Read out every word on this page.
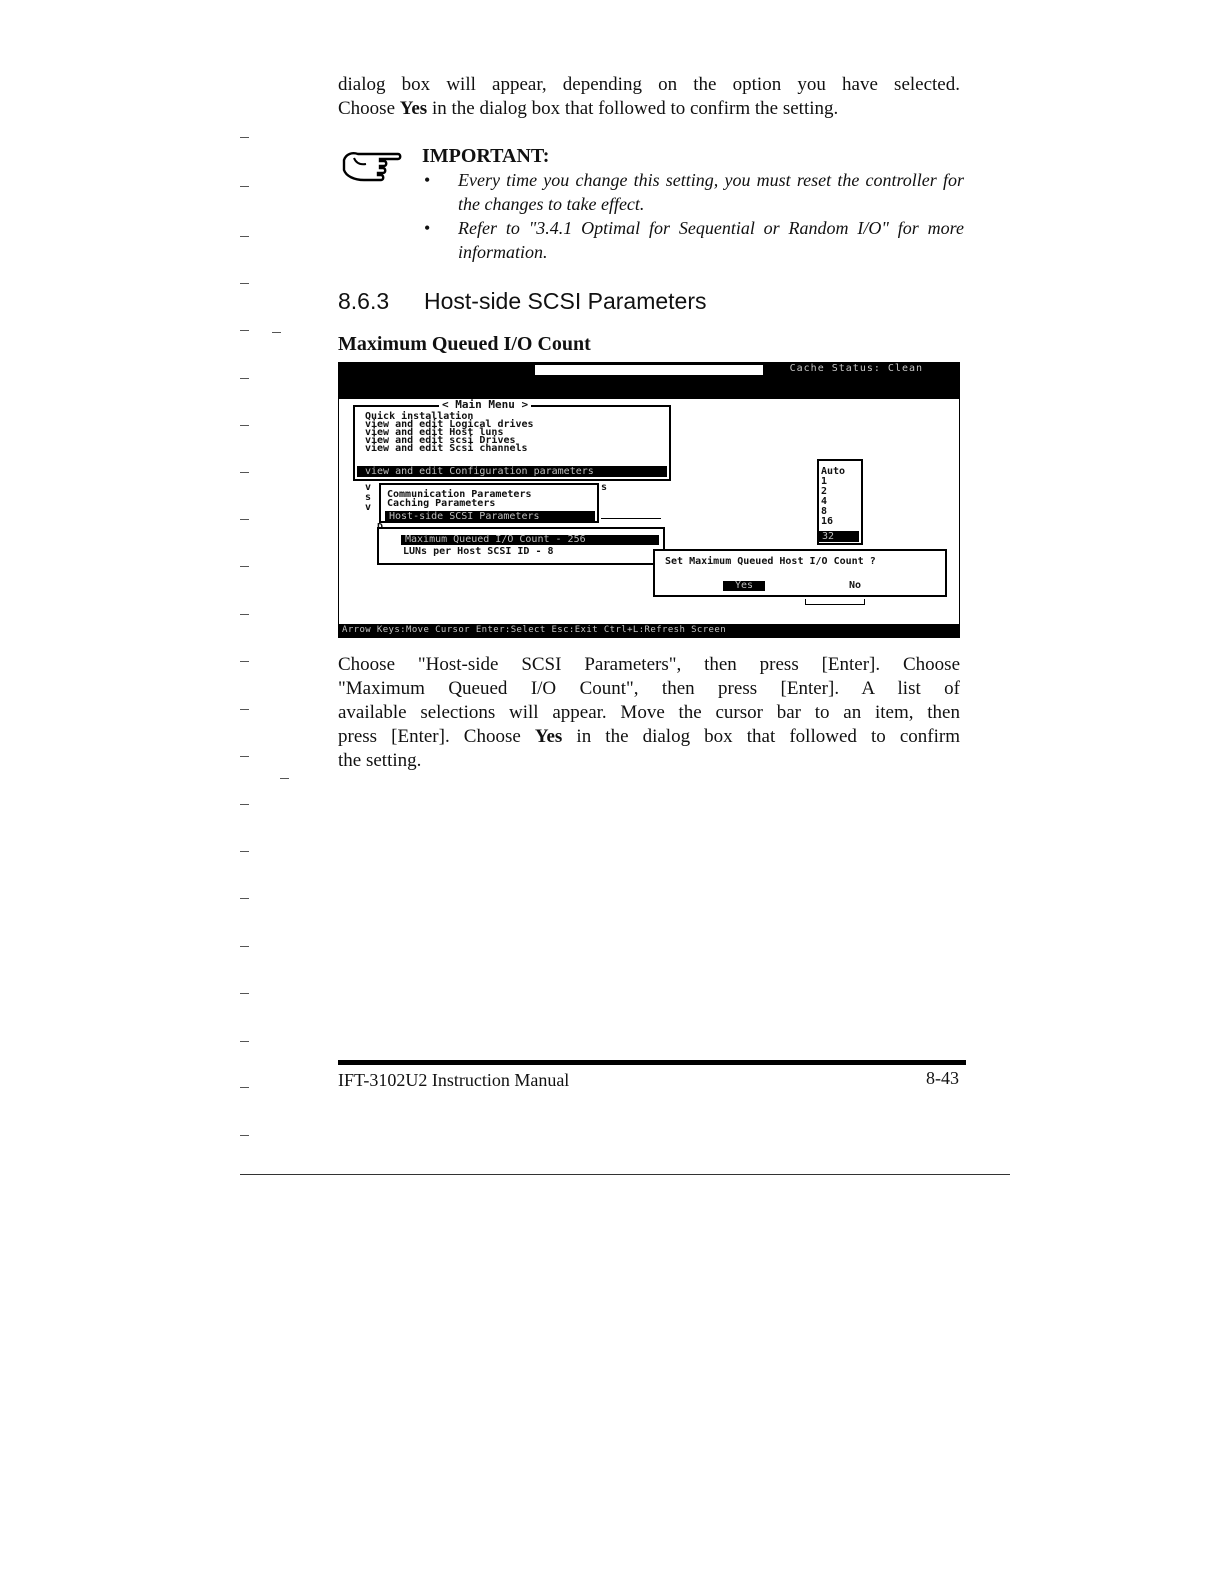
dialog box will appear, depending on the option you have selected.
Choose Yes in the dialog box that followed to confirm the setting.
IMPORTANT:
• Every time you change this setting, you must reset the controller for the changes to take effect.
• Refer to "3.4.1 Optimal for Sequential or Random I/O" for more information.
8.6.3 Host-side SCSI Parameters
Maximum Queued I/O Count
Cache Status: Clean
< Main Menu >
Quick installation
view and edit Logical drives
view and edit Host luns
view and edit scsi Drives
view and edit Scsi channels
view and edit Configuration parameters
v
s
v
s
Communication Parameters
Caching Parameters
Host-side SCSI Parameters
Maximum Queued I/O Count - 256
LUNs per Host SCSI ID - 8
Auto
1
2
4
8
16
32
Set Maximum Queued Host I/O Count ?
Yes	No
Arrow Keys:Move Cursor Enter:Select Esc:Exit Ctrl+L:Refresh Screen
Choose "Host-side SCSI Parameters", then press [Enter]. Choose
"Maximum Queued I/O Count", then press [Enter]. A list of
available selections will appear. Move the cursor bar to an item, then
press [Enter]. Choose Yes in the dialog box that followed to confirm
the setting.
IFT-3102U2 Instruction Manual	8-43
